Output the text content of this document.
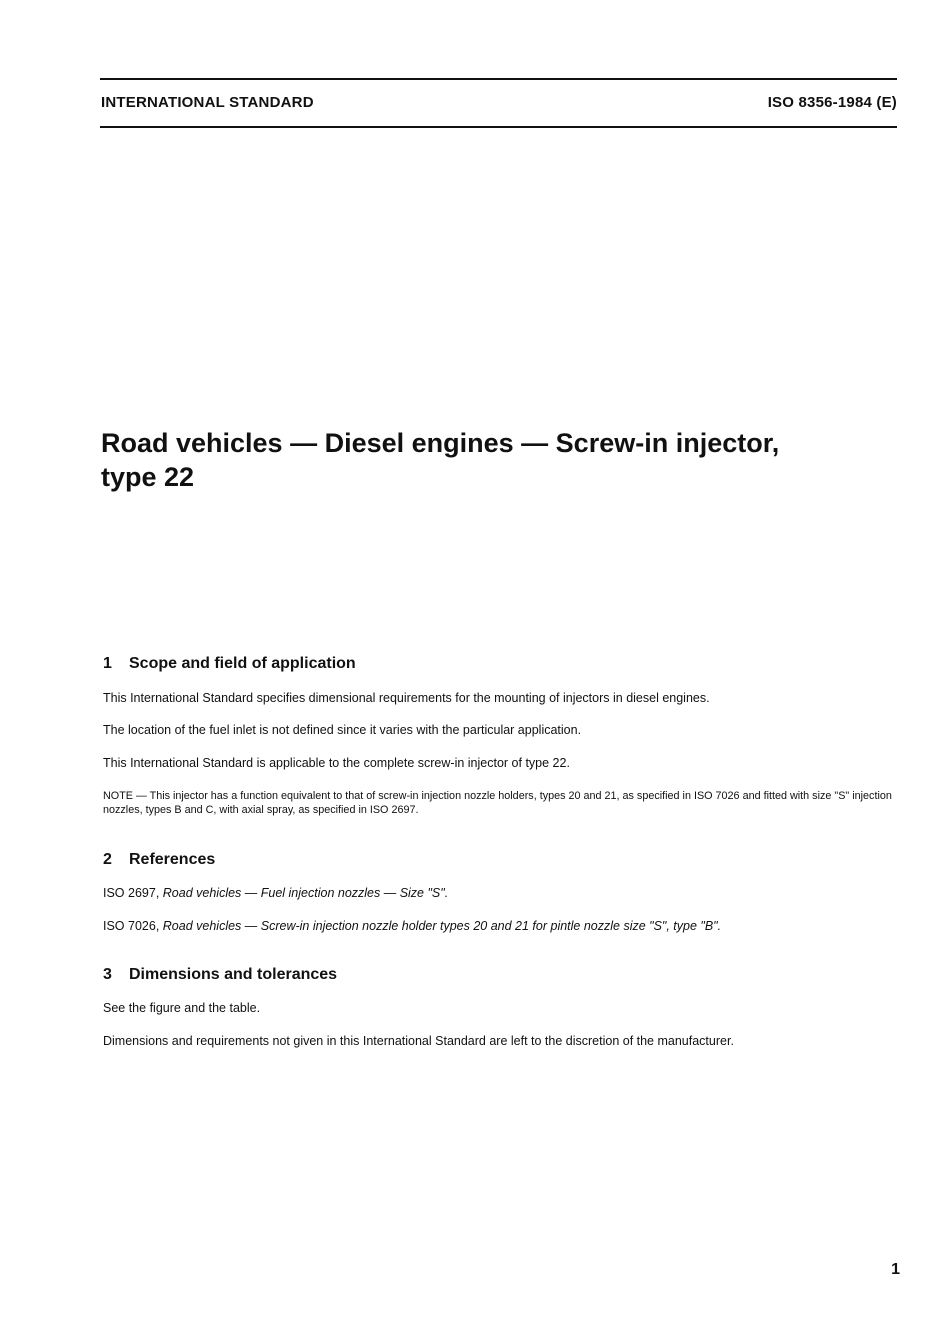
INTERNATIONAL STANDARD	ISO 8356-1984 (E)
Road vehicles — Diesel engines — Screw-in injector,
type 22
1 Scope and field of application

This International Standard specifies dimensional requirements for the mounting of injectors in diesel engines.

The location of the fuel inlet is not defined since it varies with the particular application.

This International Standard is applicable to the complete screw-in injector of type 22.

NOTE — This injector has a function equivalent to that of screw-in injection nozzle holders, types 20 and 21, as specified in ISO 7026 and fitted with size "S" injection nozzles, types B and C, with axial spray, as specified in ISO 2697.

2 References

ISO 2697, Road vehicles — Fuel injection nozzles — Size "S".

ISO 7026, Road vehicles — Screw-in injection nozzle holder types 20 and 21 for pintle nozzle size "S", type "B".

3 Dimensions and tolerances

See the figure and the table.

Dimensions and requirements not given in this International Standard are left to the discretion of the manufacturer.

1
